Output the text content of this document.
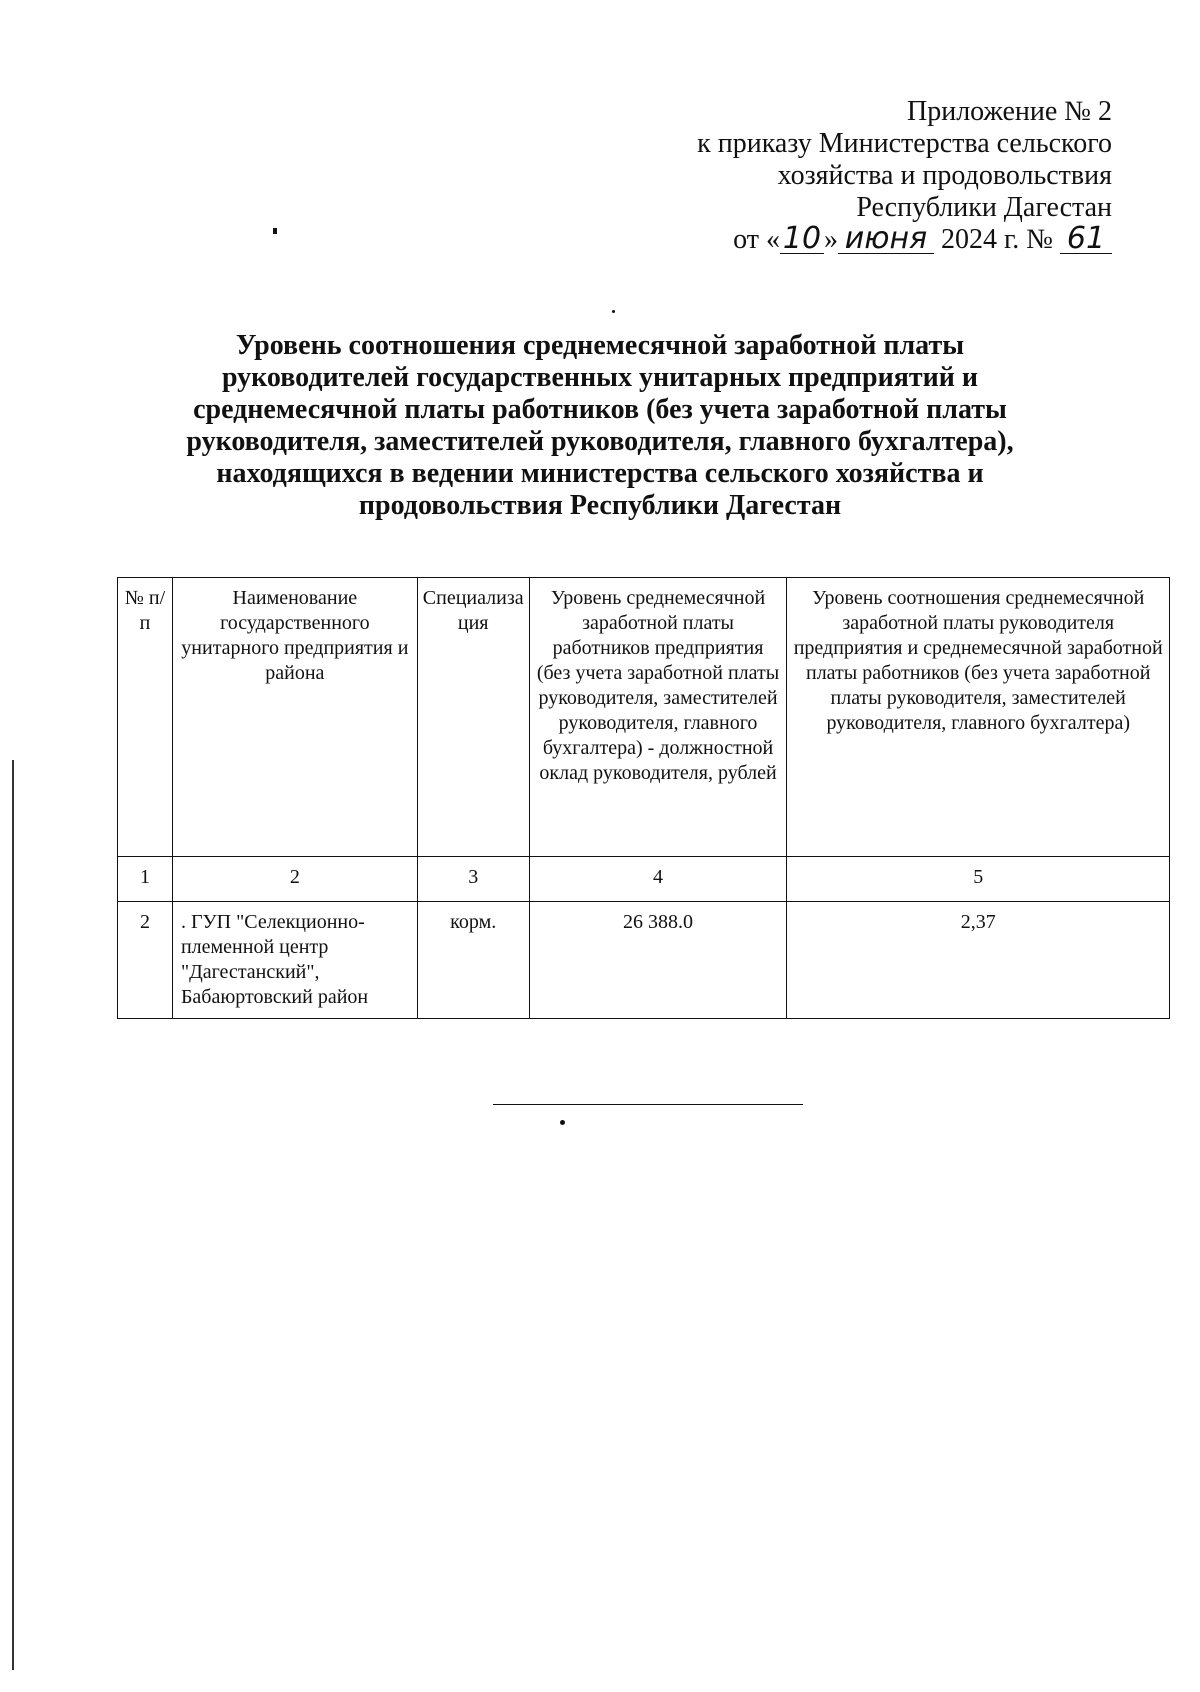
Приложение № 2
к приказу Министерства сельского
хозяйства и продовольствия
Республики Дагестан
от «10 » июня 2024 г. № 61
Уровень соотношения среднемесячной заработной платы руководителей государственных унитарных предприятий и среднемесячной платы работников (без учета заработной платы руководителя, заместителей руководителя, главного бухгалтера), находящихся в ведении министерства сельского хозяйства и продовольствия Республики Дагестан
№ п/п	Наименование государственного унитарного предприятия и района	Специализация	Уровень среднемесячной заработной платы работников предприятия (без учета заработной платы руководителя, заместителей руководителя, главного бухгалтера) - должностной оклад руководителя, рублей	Уровень соотношения среднемесячной заработной платы руководителя предприятия и среднемесячной заработной платы работников (без учета заработной платы руководителя, заместителей руководителя, главного бухгалтера)
1	2	3	4	5
2	. ГУП "Селекционно-племенной центр "Дагестанский", Бабаюртовский район	корм.	26 388.0	2,37
